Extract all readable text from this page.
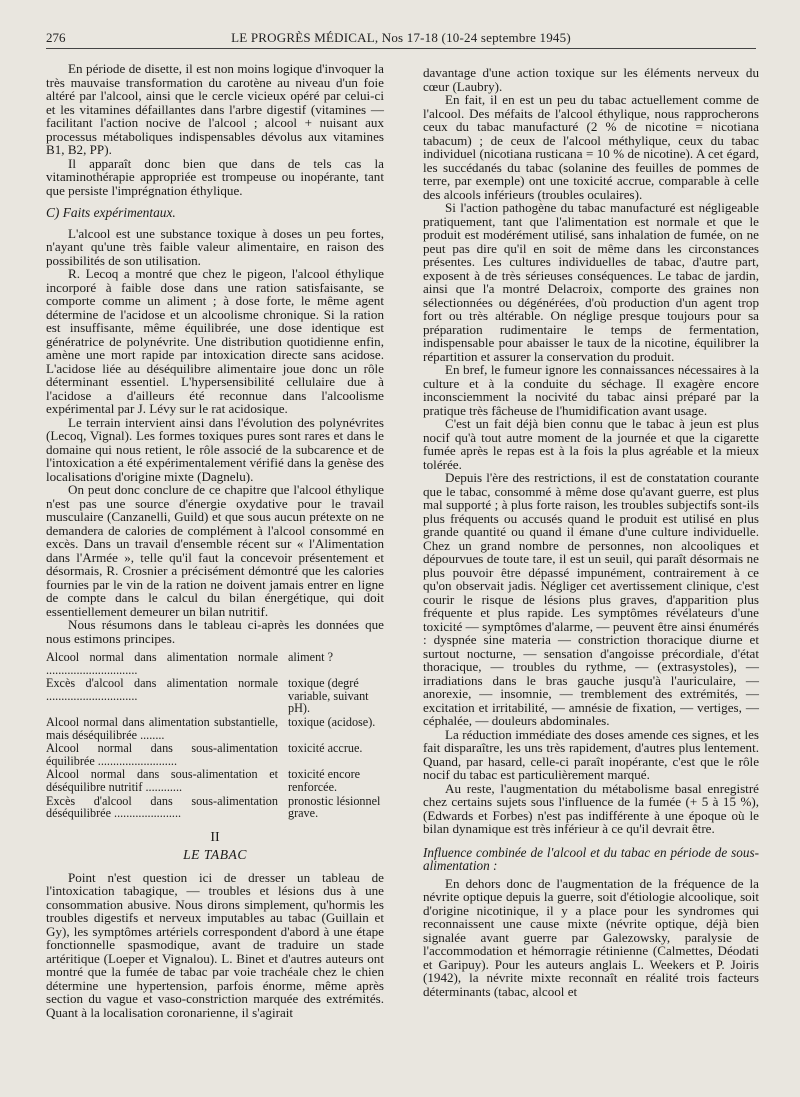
276	LE PROGRÈS MÉDICAL, Nos 17-18 (10-24 septembre 1945)

En période de disette, il est non moins logique d'invoquer la très mauvaise transformation du carotène au niveau d'un foie altéré par l'alcool, ainsi que le cercle vicieux opéré par celui-ci et les vitamines défaillantes dans l'arbre digestif (vitamines — facilitant l'action nocive de l'alcool ; alcool + nuisant aux processus métaboliques indispensables dévolus aux vitamines B1, B2, PP).

Il apparaît donc bien que dans de tels cas la vitaminothérapie appropriée est trompeuse ou inopérante, tant que persiste l'imprégnation éthylique.

C) Faits expérimentaux.

L'alcool est une substance toxique à doses un peu fortes, n'ayant qu'une très faible valeur alimentaire, en raison des possibilités de son utilisation.

R. Lecoq a montré que chez le pigeon, l'alcool éthylique incorporé à faible dose dans une ration satisfaisante, se comporte comme un aliment ; à dose forte, le même agent détermine de l'acidose et un alcoolisme chronique. Si la ration est insuffisante, même équilibrée, une dose identique est génératrice de polynévrite. Une distribution quotidienne enfin, amène une mort rapide par intoxication directe sans acidose. L'acidose liée au déséquilibre alimentaire joue donc un rôle déterminant essentiel. L'hypersensibilité cellulaire due à l'acidose a d'ailleurs été reconnue dans l'alcoolisme expérimental par J. Lévy sur le rat acidosique.

Le terrain intervient ainsi dans l'évolution des polynévrites (Lecoq, Vignal). Les formes toxiques pures sont rares et dans le domaine qui nous retient, le rôle associé de la subcarence et de l'intoxication a été expérimentalement vérifié dans la genèse des localisations d'origine mixte (Dagnelu).

On peut donc conclure de ce chapitre que l'alcool éthylique n'est pas une source d'énergie oxydative pour le travail musculaire (Canzanelli, Guild) et que sous aucun prétexte on ne demandera de calories de complément à l'alcool consommé en excès. Dans un travail d'ensemble récent sur « l'Alimentation dans l'Armée », telle qu'il faut la concevoir présentement et désormais, R. Crosnier a précisément démontré que les calories fournies par le vin de la ration ne doivent jamais entrer en ligne de compte dans le calcul du bilan énergétique, qui doit essentiellement demeurer un bilan nutritif.

Nous résumons dans le tableau ci-après les données que nous estimons principes.

Alcool normal dans alimentation normale ..............................	aliment ?
Excès d'alcool dans alimentation normale ..............................	toxique (degré variable, suivant pH).
Alcool normal dans alimentation substantielle, mais déséquilibrée ........	toxique (acidose).
Alcool normal dans sous-alimentation équilibrée ..........................	toxicité accrue.
Alcool normal dans sous-alimentation et déséquilibre nutritif ............	toxicité encore renforcée.
Excès d'alcool dans sous-alimentation déséquilibrée ......................	pronostic lésionnel grave.
II
LE TABAC

Point n'est question ici de dresser un tableau de l'intoxication tabagique, — troubles et lésions dus à une consommation abusive. Nous dirons simplement, qu'hormis les troubles digestifs et nerveux imputables au tabac (Guillain et Gy), les symptômes artériels correspondent d'abord à une étape fonctionnelle spasmodique, avant de traduire un stade artéritique (Loeper et Vignalou). L. Binet et d'autres auteurs ont montré que la fumée de tabac par voie trachéale chez le chien détermine une hypertension, parfois énorme, même après section du vague et vaso-constriction marquée des extrémités. Quant à la localisation coronarienne, il s'agirait

davantage d'une action toxique sur les éléments nerveux du cœur (Laubry).

En fait, il en est un peu du tabac actuellement comme de l'alcool. Des méfaits de l'alcool éthylique, nous rapprocherons ceux du tabac manufacturé (2 % de nicotine = nicotiana tabacum) ; de ceux de l'alcool méthylique, ceux du tabac individuel (nicotiana rusticana = 10 % de nicotine). A cet égard, les succédanés du tabac (solanine des feuilles de pommes de terre, par exemple) ont une toxicité accrue, comparable à celle des alcools inférieurs (troubles oculaires).

Si l'action pathogène du tabac manufacturé est négligeable pratiquement, tant que l'alimentation est normale et que le produit est modérément utilisé, sans inhalation de fumée, on ne peut pas dire qu'il en soit de même dans les circonstances présentes. Les cultures individuelles de tabac, d'autre part, exposent à de très sérieuses conséquences. Le tabac de jardin, ainsi que l'a montré Delacroix, comporte des graines non sélectionnées ou dégénérées, d'où production d'un agent trop fort ou très altérable. On néglige presque toujours pour sa préparation rudimentaire le temps de fermentation, indispensable pour abaisser le taux de la nicotine, équilibrer la répartition et assurer la conservation du produit.

En bref, le fumeur ignore les connaissances nécessaires à la culture et à la conduite du séchage. Il exagère encore inconsciemment la nocivité du tabac ainsi préparé par la pratique très fâcheuse de l'humidification avant usage.

C'est un fait déjà bien connu que le tabac à jeun est plus nocif qu'à tout autre moment de la journée et que la cigarette fumée après le repas est à la fois la plus agréable et la mieux tolérée.

Depuis l'ère des restrictions, il est de constatation courante que le tabac, consommé à même dose qu'avant guerre, est plus mal supporté ; à plus forte raison, les troubles subjectifs sont-ils plus fréquents ou accusés quand le produit est utilisé en plus grande quantité ou quand il émane d'une culture individuelle. Chez un grand nombre de personnes, non alcooliques et dépourvues de toute tare, il est un seuil, qui paraît désormais ne plus pouvoir être dépassé impunément, contrairement à ce qu'on observait jadis. Négliger cet avertissement clinique, c'est courir le risque de lésions plus graves, d'apparition plus fréquente et plus rapide. Les symptômes révélateurs d'une toxicité — symptômes d'alarme, — peuvent être ainsi énumérés : dyspnée sine materia — constriction thoracique diurne et surtout nocturne, — sensation d'angoisse précordiale, d'état thoracique, — troubles du rythme, — (extrasystoles), — irradiations dans le bras gauche jusqu'à l'auriculaire, — anorexie, — insomnie, — tremblement des extrémités, — excitation et irritabilité, — amnésie de fixation, — vertiges, — céphalée, — douleurs abdominales.

La réduction immédiate des doses amende ces signes, et les fait disparaître, les uns très rapidement, d'autres plus lentement. Quand, par hasard, celle-ci paraît inopérante, c'est que le rôle nocif du tabac est particulièrement marqué.

Au reste, l'augmentation du métabolisme basal enregistré chez certains sujets sous l'influence de la fumée (+ 5 à 15 %), (Edwards et Forbes) n'est pas indifférente à une époque où le bilan dynamique est très inférieur à ce qu'il devrait être.

Influence combinée de l'alcool et du tabac en période de sous-alimentation :

En dehors donc de l'augmentation de la fréquence de la névrite optique depuis la guerre, soit d'étiologie alcoolique, soit d'origine nicotinique, il y a place pour les syndromes qui reconnaissent une cause mixte (névrite optique, déjà bien signalée avant guerre par Galezowsky, paralysie de l'accommodation et hémorragie rétinienne (Calmettes, Déodati et Garipuy). Pour les auteurs anglais L. Weekers et P. Joiris (1942), la névrite mixte reconnaît en réalité trois facteurs déterminants (tabac, alcool et
